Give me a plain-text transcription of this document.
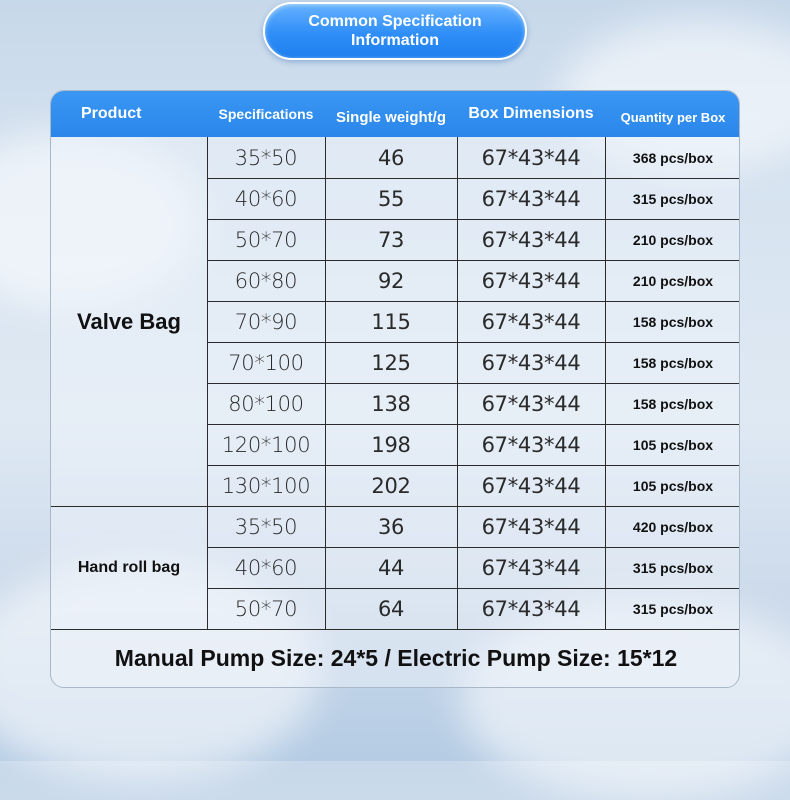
Common Specification
Information
Product	Specifications	Single weight/g	Box Dimensions	Quantity per Box
Valve Bag
35*50	46	67*43*44	368 pcs/box
40*60	55	67*43*44	315 pcs/box
50*70	73	67*43*44	210 pcs/box
60*80	92	67*43*44	210 pcs/box
70*90	115	67*43*44	158 pcs/box
70*100	125	67*43*44	158 pcs/box
80*100	138	67*43*44	158 pcs/box
120*100	198	67*43*44	105 pcs/box
130*100	202	67*43*44	105 pcs/box
Hand roll bag
35*50	36	67*43*44	420 pcs/box
40*60	44	67*43*44	315 pcs/box
50*70	64	67*43*44	315 pcs/box
Manual Pump Size: 24*5 / Electric Pump Size: 15*12
